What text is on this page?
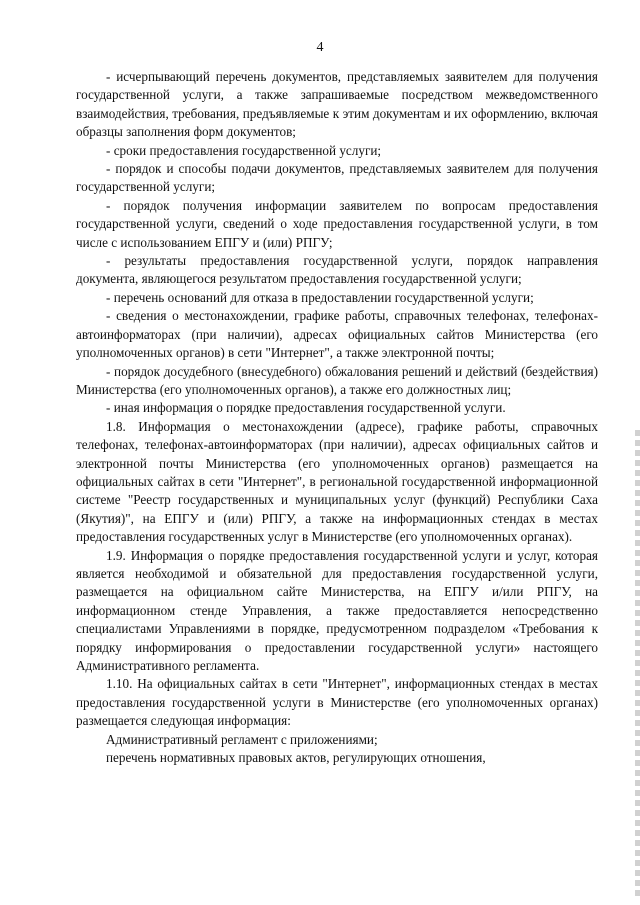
4

- исчерпывающий перечень документов, представляемых заявителем для получения государственной услуги, а также запрашиваемые посредством межведомственного взаимодействия, требования, предъявляемые к этим документам и их оформлению, включая образцы заполнения форм документов;

- сроки предоставления государственной услуги;

- порядок и способы подачи документов, представляемых заявителем для получения государственной услуги;

- порядок получения информации заявителем по вопросам предоставления государственной услуги, сведений о ходе предоставления государственной услуги, в том числе с использованием ЕПГУ и (или) РПГУ;

- результаты предоставления государственной услуги, порядок направления документа, являющегося результатом предоставления государственной услуги;

- перечень оснований для отказа в предоставлении государственной услуги;

- сведения о местонахождении, графике работы, справочных телефонах, телефонах-автоинформаторах (при наличии), адресах официальных сайтов Министерства (его уполномоченных органов) в сети "Интернет", а также электронной почты;

- порядок досудебного (внесудебного) обжалования решений и действий (бездействия) Министерства (его уполномоченных органов), а также его должностных лиц;

- иная информация о порядке предоставления государственной услуги.

1.8. Информация о местонахождении (адресе), графике работы, справочных телефонах, телефонах-автоинформаторах (при наличии), адресах официальных сайтов и электронной почты Министерства (его уполномоченных органов) размещается на официальных сайтах в сети "Интернет", в региональной государственной информационной системе "Реестр государственных и муниципальных услуг (функций) Республики Саха (Якутия)", на ЕПГУ и (или) РПГУ, а также на информационных стендах в местах предоставления государственных услуг в Министерстве (его уполномоченных органах).

1.9. Информация о порядке предоставления государственной услуги и услуг, которая является необходимой и обязательной для предоставления государственной услуги, размещается на официальном сайте Министерства, на ЕПГУ и/или РПГУ, на информационном стенде Управления, а также предоставляется непосредственно специалистами Управлениями в порядке, предусмотренном подразделом «Требования к порядку информирования о предоставлении государственной услуги» настоящего Административного регламента.

1.10. На официальных сайтах в сети "Интернет", информационных стендах в местах предоставления государственной услуги в Министерстве (его уполномоченных органах) размещается следующая информация:

Административный регламент с приложениями;

перечень нормативных правовых актов, регулирующих отношения,
